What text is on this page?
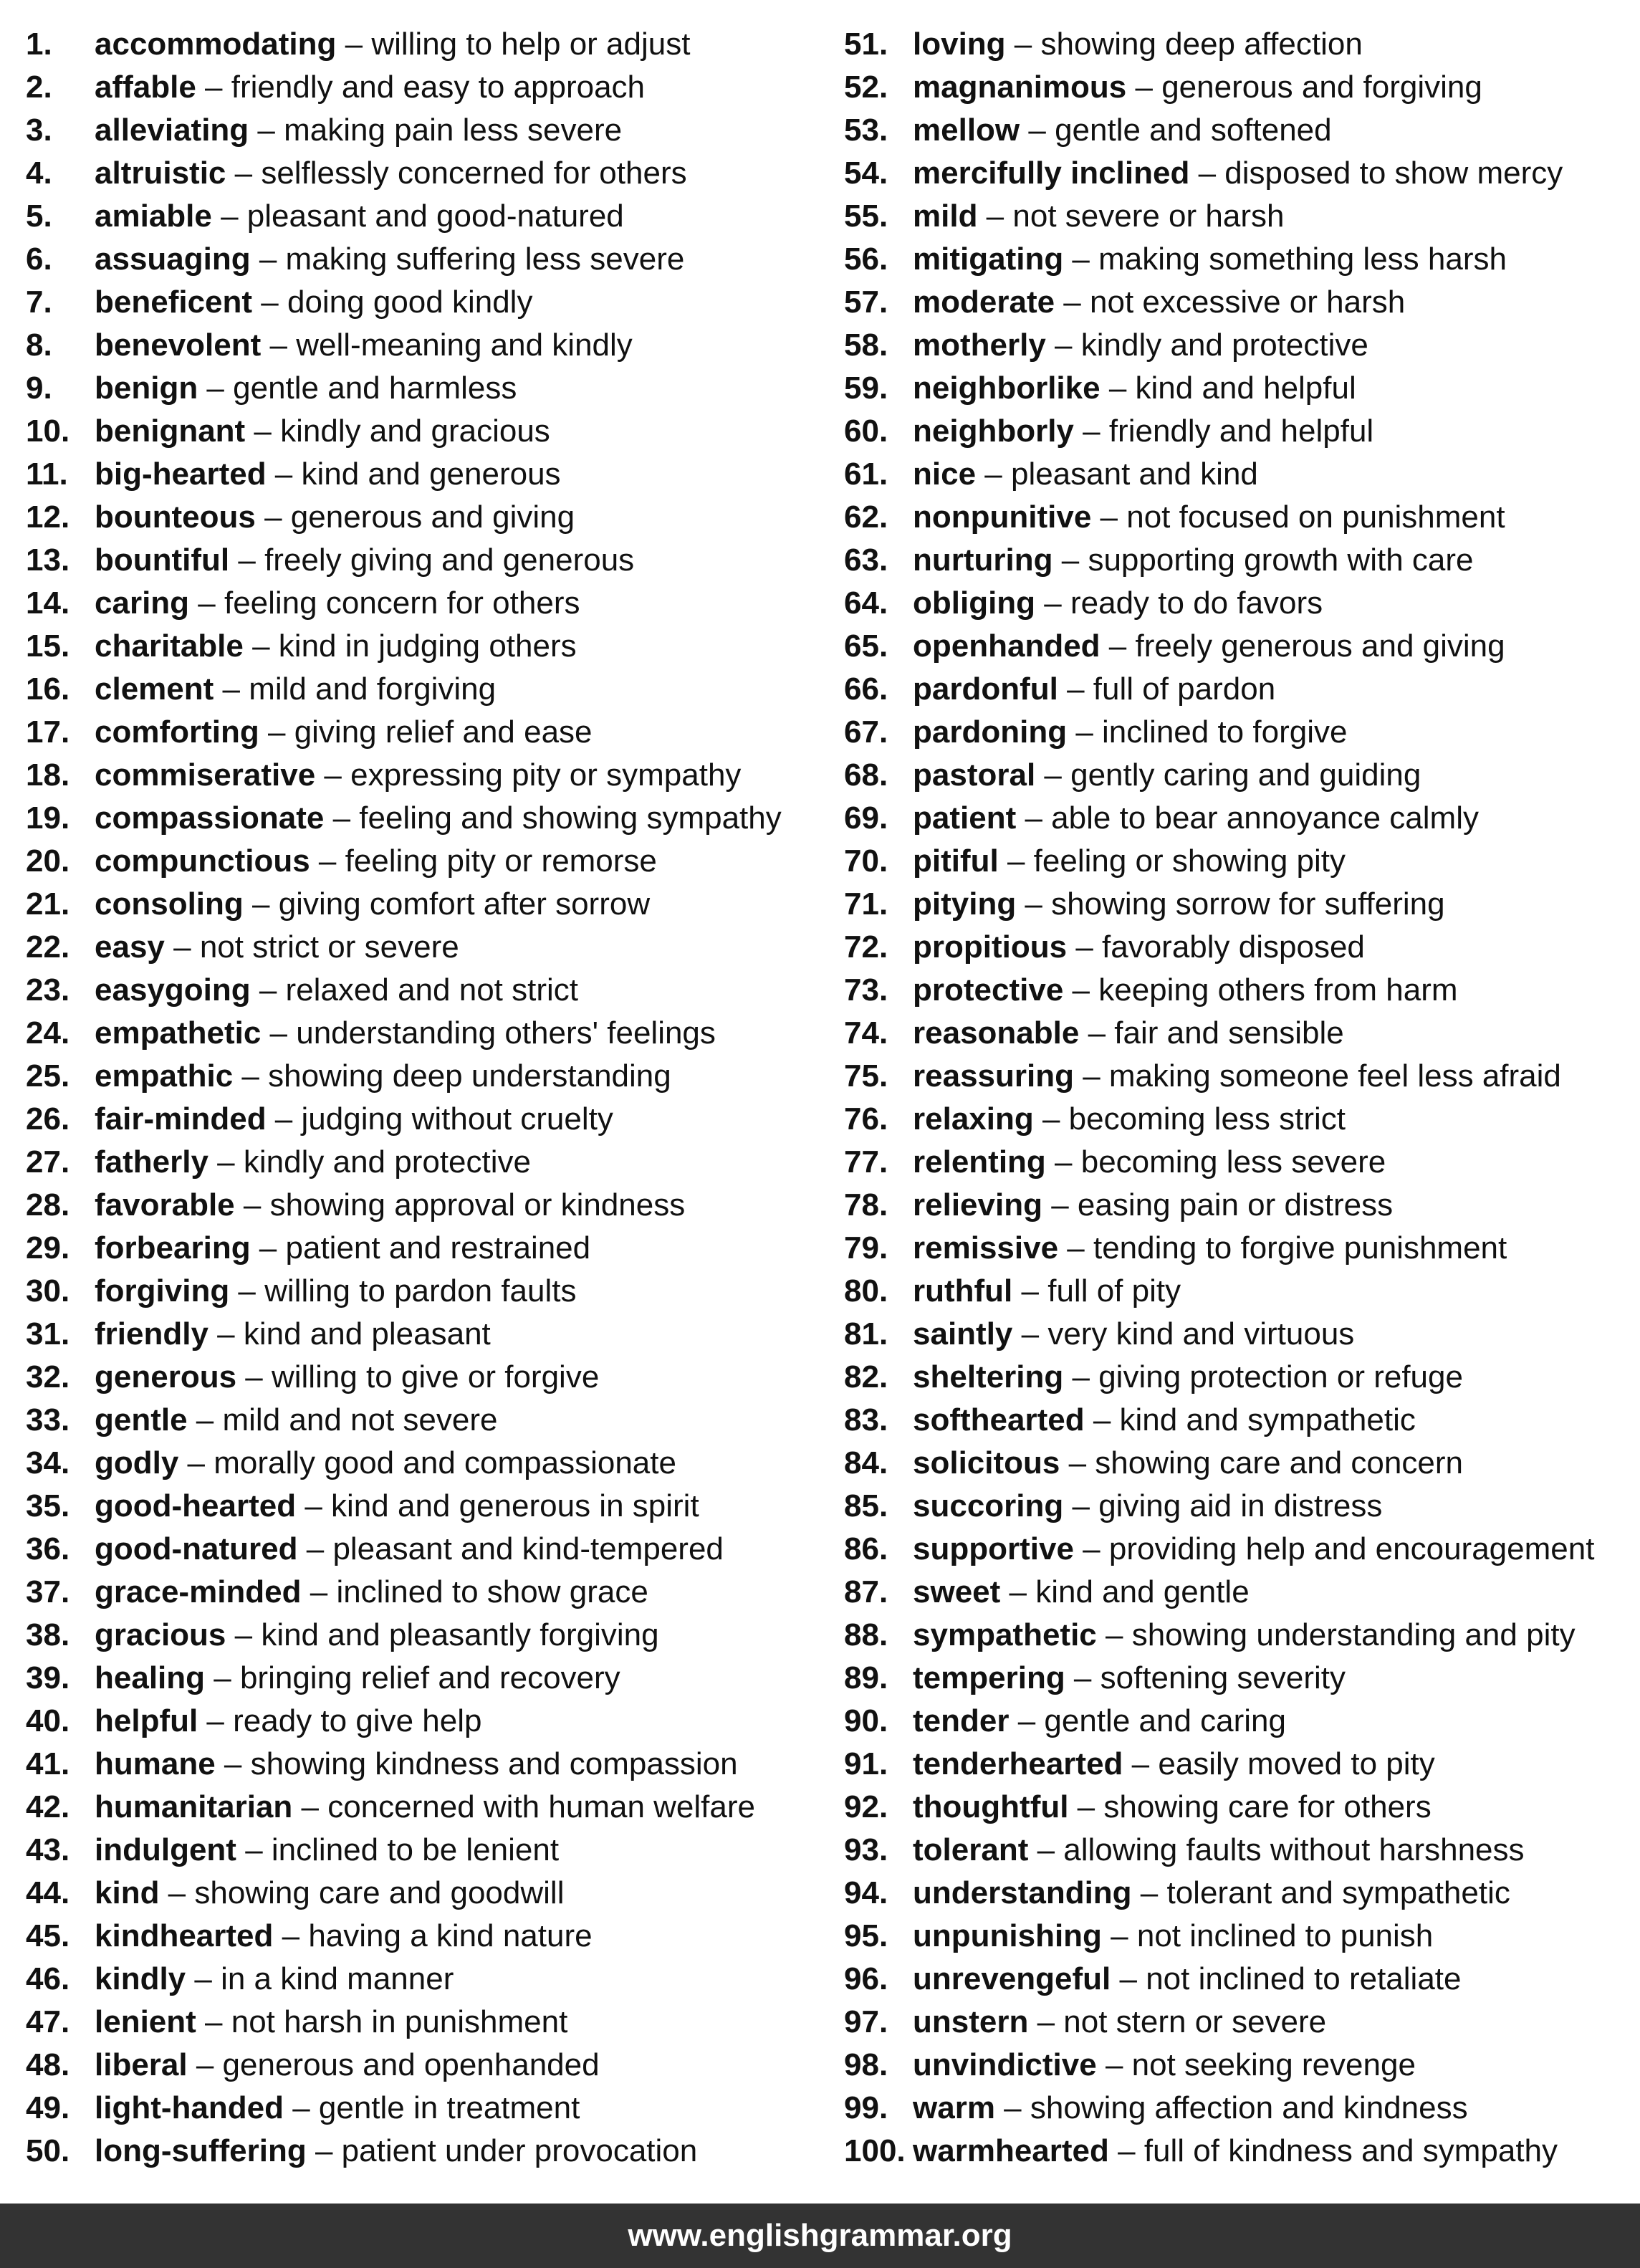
1. accommodating – willing to help or adjust
2. affable – friendly and easy to approach
3. alleviating – making pain less severe
4. altruistic – selflessly concerned for others
5. amiable – pleasant and good-natured
6. assuaging – making suffering less severe
7. beneficent – doing good kindly
8. benevolent – well-meaning and kindly
9. benign – gentle and harmless
10. benignant – kindly and gracious
11. big-hearted – kind and generous
12. bounteous – generous and giving
13. bountiful – freely giving and generous
14. caring – feeling concern for others
15. charitable – kind in judging others
16. clement – mild and forgiving
17. comforting – giving relief and ease
18. commiserative – expressing pity or sympathy
19. compassionate – feeling and showing sympathy
20. compunctious – feeling pity or remorse
21. consoling – giving comfort after sorrow
22. easy – not strict or severe
23. easygoing – relaxed and not strict
24. empathetic – understanding others' feelings
25. empathic – showing deep understanding
26. fair-minded – judging without cruelty
27. fatherly – kindly and protective
28. favorable – showing approval or kindness
29. forbearing – patient and restrained
30. forgiving – willing to pardon faults
31. friendly – kind and pleasant
32. generous – willing to give or forgive
33. gentle – mild and not severe
34. godly – morally good and compassionate
35. good-hearted – kind and generous in spirit
36. good-natured – pleasant and kind-tempered
37. grace-minded – inclined to show grace
38. gracious – kind and pleasantly forgiving
39. healing – bringing relief and recovery
40. helpful – ready to give help
41. humane – showing kindness and compassion
42. humanitarian – concerned with human welfare
43. indulgent – inclined to be lenient
44. kind – showing care and goodwill
45. kindhearted – having a kind nature
46. kindly – in a kind manner
47. lenient – not harsh in punishment
48. liberal – generous and openhanded
49. light-handed – gentle in treatment
50. long-suffering – patient under provocation
51. loving – showing deep affection
52. magnanimous – generous and forgiving
53. mellow – gentle and softened
54. mercifully inclined – disposed to show mercy
55. mild – not severe or harsh
56. mitigating – making something less harsh
57. moderate – not excessive or harsh
58. motherly – kindly and protective
59. neighborlike – kind and helpful
60. neighborly – friendly and helpful
61. nice – pleasant and kind
62. nonpunitive – not focused on punishment
63. nurturing – supporting growth with care
64. obliging – ready to do favors
65. openhanded – freely generous and giving
66. pardonful – full of pardon
67. pardoning – inclined to forgive
68. pastoral – gently caring and guiding
69. patient – able to bear annoyance calmly
70. pitiful – feeling or showing pity
71. pitying – showing sorrow for suffering
72. propitious – favorably disposed
73. protective – keeping others from harm
74. reasonable – fair and sensible
75. reassuring – making someone feel less afraid
76. relaxing – becoming less strict
77. relenting – becoming less severe
78. relieving – easing pain or distress
79. remissive – tending to forgive punishment
80. ruthful – full of pity
81. saintly – very kind and virtuous
82. sheltering – giving protection or refuge
83. softhearted – kind and sympathetic
84. solicitous – showing care and concern
85. succoring – giving aid in distress
86. supportive – providing help and encouragement
87. sweet – kind and gentle
88. sympathetic – showing understanding and pity
89. tempering – softening severity
90. tender – gentle and caring
91. tenderhearted – easily moved to pity
92. thoughtful – showing care for others
93. tolerant – allowing faults without harshness
94. understanding – tolerant and sympathetic
95. unpunishing – not inclined to punish
96. unrevengeful – not inclined to retaliate
97. unstern – not stern or severe
98. unvindictive – not seeking revenge
99. warm – showing affection and kindness
100. warmhearted – full of kindness and sympathy
www.englishgrammar.org
